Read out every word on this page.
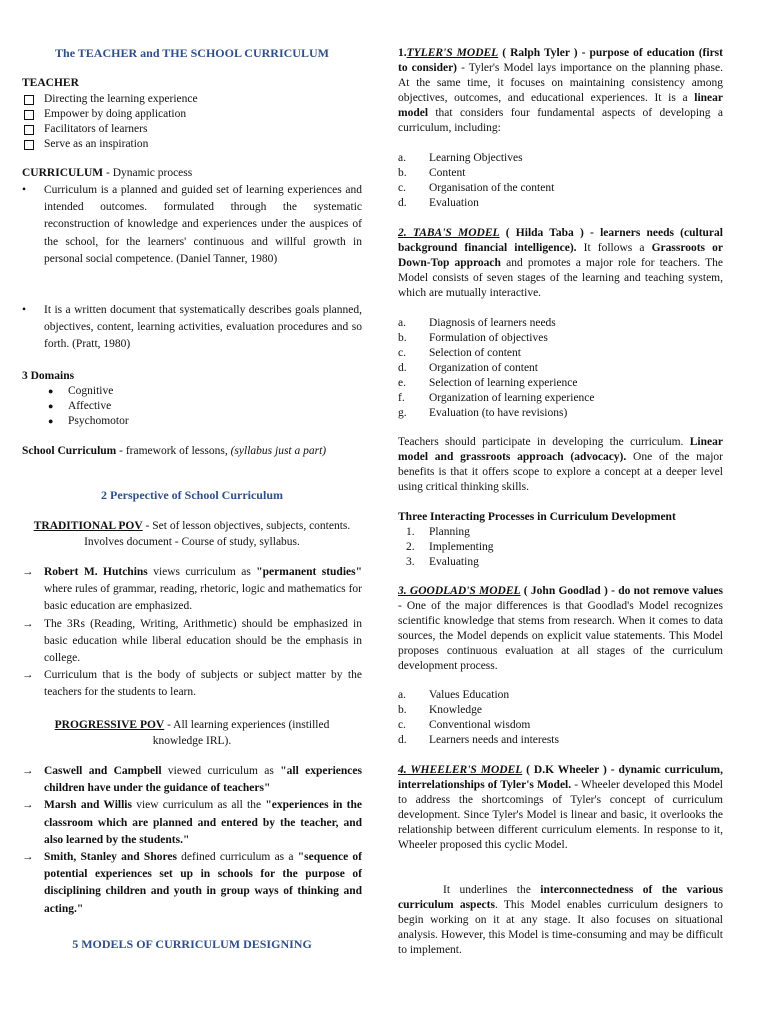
The TEACHER and THE SCHOOL CURRICULUM
TEACHER
Directing the learning experience
Empower by doing application
Facilitators of learners
Serve as an inspiration
CURRICULUM - Dynamic process
• Curriculum is a planned and guided set of learning experiences and intended outcomes. formulated through the systematic reconstruction of knowledge and experiences under the auspices of the school, for the learners' continuous and willful growth in personal social competence. (Daniel Tanner, 1980)
• It is a written document that systematically describes goals planned, objectives, content, learning activities, evaluation procedures and so forth. (Pratt, 1980)
3 Domains
● Cognitive
● Affective
● Psychomotor
School Curriculum - framework of lessons, (syllabus just a part)
2 Perspective of School Curriculum
TRADITIONAL POV - Set of lesson objectives, subjects, contents. Involves document - Course of study, syllabus.
→ Robert M. Hutchins views curriculum as "permanent studies" where rules of grammar, reading, rhetoric, logic and mathematics for basic education are emphasized.
→ The 3Rs (Reading, Writing, Arithmetic) should be emphasized in basic education while liberal education should be the emphasis in college.
→ Curriculum that is the body of subjects or subject matter by the teachers for the students to learn.
PROGRESSIVE POV - All learning experiences (instilled knowledge IRL).
→ Caswell and Campbell viewed curriculum as "all experiences children have under the guidance of teachers"
→ Marsh and Willis view curriculum as all the "experiences in the classroom which are planned and entered by the teacher, and also learned by the students."
→ Smith, Stanley and Shores defined curriculum as a "sequence of potential experiences set up in schools for the purpose of disciplining children and youth in group ways of thinking and acting."
5 MODELS OF CURRICULUM DESIGNING
1.TYLER'S MODEL ( Ralph Tyler ) - purpose of education (first to consider) - Tyler's Model lays importance on the planning phase. At the same time, it focuses on maintaining consistency among objectives, outcomes, and educational experiences. It is a linear model that considers four fundamental aspects of developing a curriculum, including:
a. Learning Objectives
b. Content
c. Organisation of the content
d. Evaluation
2. TABA'S MODEL ( Hilda Taba ) - learners needs (cultural background financial intelligence). It follows a Grassroots or Down-Top approach and promotes a major role for teachers. The Model consists of seven stages of the learning and teaching system, which are mutually interactive.
a. Diagnosis of learners needs
b. Formulation of objectives
c. Selection of content
d. Organization of content
e. Selection of learning experience
f. Organization of learning experience
g. Evaluation (to have revisions)
Teachers should participate in developing the curriculum. Linear model and grassroots approach (advocacy). One of the major benefits is that it offers scope to explore a concept at a deeper level using critical thinking skills.
Three Interacting Processes in Curriculum Development
1. Planning
2. Implementing
3. Evaluating
3. GOODLAD'S MODEL ( John Goodlad ) - do not remove values - One of the major differences is that Goodlad's Model recognizes scientific knowledge that stems from research. When it comes to data sources, the Model depends on explicit value statements. This Model proposes continuous evaluation at all stages of the curriculum development process.
a. Values Education
b. Knowledge
c. Conventional wisdom
d. Learners needs and interests
4. WHEELER'S MODEL ( D.K Wheeler ) - dynamic curriculum, interrelationships of Tyler's Model. - Wheeler developed this Model to address the shortcomings of Tyler's concept of curriculum development. Since Tyler's Model is linear and basic, it overlooks the relationship between different curriculum elements. In response to it, Wheeler proposed this cyclic Model.
It underlines the interconnectedness of the various curriculum aspects. This Model enables curriculum designers to begin working on it at any stage. It also focuses on situational analysis. However, this Model is time-consuming and may be difficult to implement.
